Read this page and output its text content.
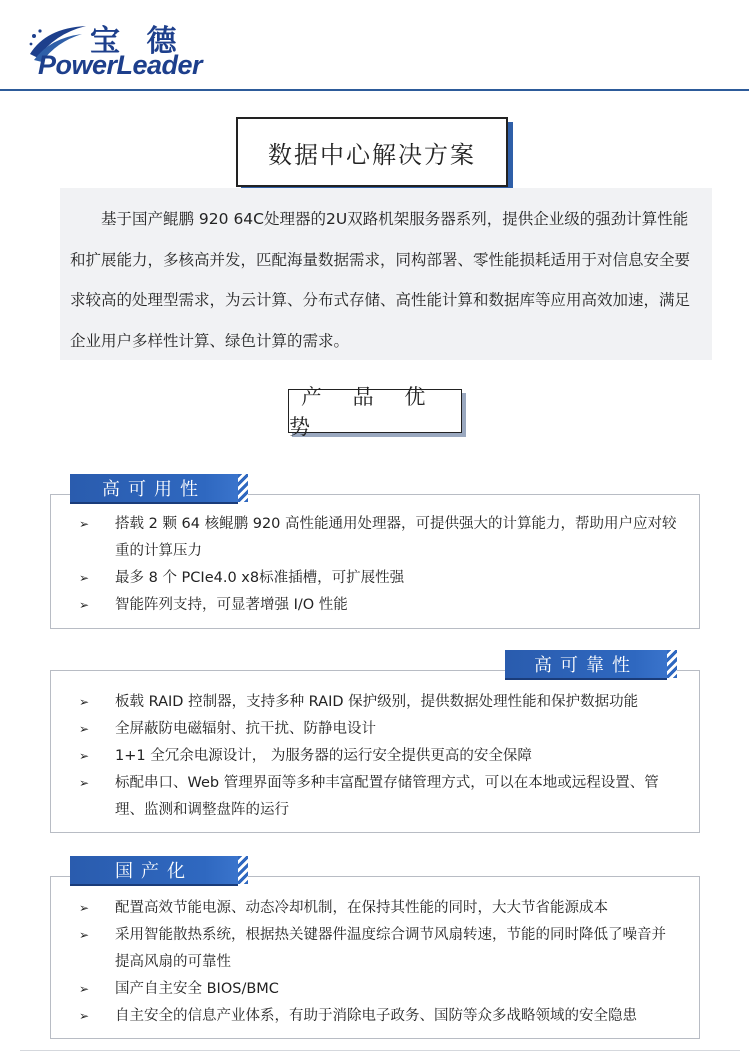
宝 德
PowerLeader
数据中心解决方案

基于国产鲲鹏 920 64C处理器的2U双路机架服务器系列，提供企业级的强劲计算性能和扩展能力，多核高并发，匹配海量数据需求，同构部署、零性能损耗适用于对信息安全要求较高的处理型需求，为云计算、分布式存储、高性能计算和数据库等应用高效加速，满足企业用户多样性计算、绿色计算的需求。

产 品 优 势
➢ 搭载 2 颗 64 核鲲鹏 920 高性能通用处理器，可提供强大的计算能力，帮助用户应对较重的计算压力
➢ 最多 8 个 PCIe4.0 x8标准插槽，可扩展性强
➢ 智能阵列支持，可显著增强 I/O 性能
高可用性
➢ 板载 RAID 控制器，支持多种 RAID 保护级别，提供数据处理性能和保护数据功能
➢ 全屏蔽防电磁辐射、抗干扰、防静电设计
➢ 1+1 全冗余电源设计， 为服务器的运行安全提供更高的安全保障
➢ 标配串口、Web 管理界面等多种丰富配置存储管理方式，可以在本地或远程设置、管理、监测和调整盘阵的运行
高可靠性
➢ 配置高效节能电源、动态冷却机制，在保持其性能的同时，大大节省能源成本
➢ 采用智能散热系统，根据热关键器件温度综合调节风扇转速，节能的同时降低了噪音并提高风扇的可靠性
➢ 国产自主安全 BIOS/BMC
➢ 自主安全的信息产业体系，有助于消除电子政务、国防等众多战略领域的安全隐患
国产化
